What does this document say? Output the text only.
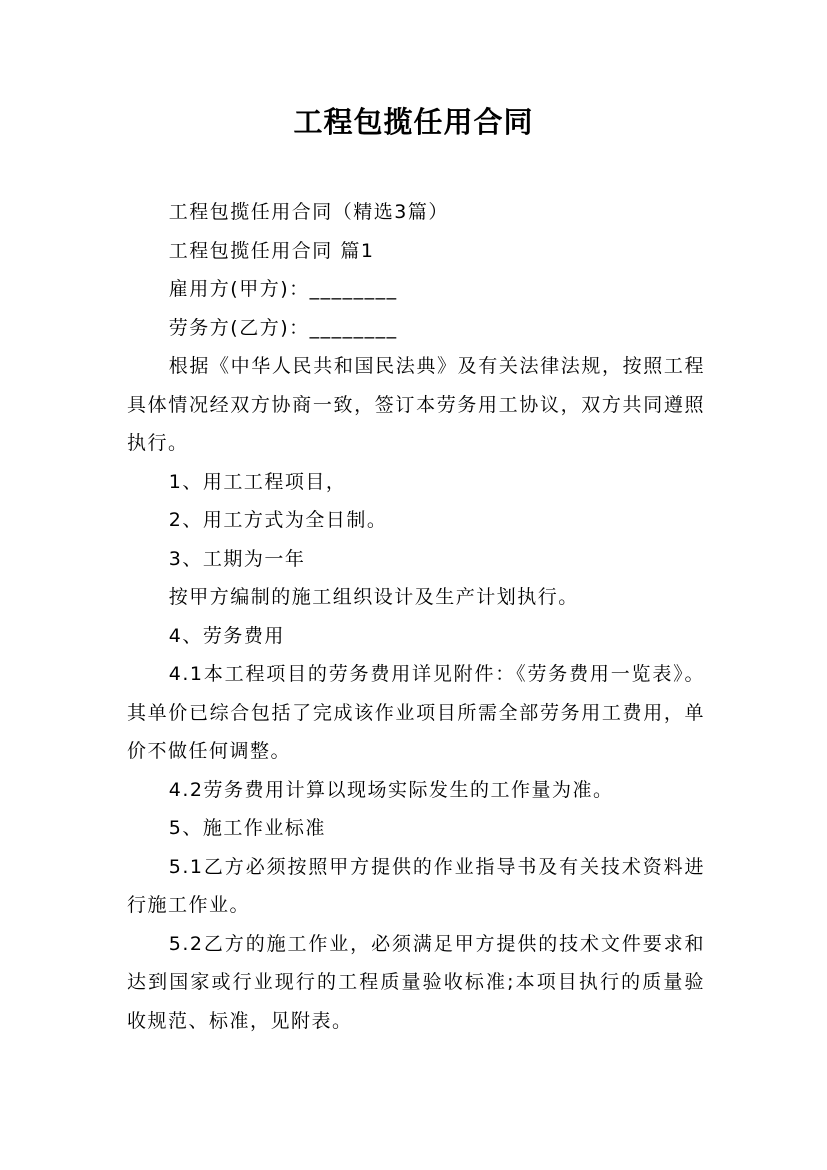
工程包揽任用合同

工程包揽任用合同（精选3篇）

工程包揽任用合同 篇1

雇用方(甲方)：________

劳务方(乙方)：________

根据《中华人民共和国民法典》及有关法律法规，按照工程具体情况经双方协商一致，签订本劳务用工协议，双方共同遵照执行。

1、用工工程项目，

2、用工方式为全日制。

3、工期为一年

按甲方编制的施工组织设计及生产计划执行。

4、劳务费用

4.1本工程项目的劳务费用详见附件：《劳务费用一览表》。其单价已综合包括了完成该作业项目所需全部劳务用工费用，单价不做任何调整。

4.2劳务费用计算以现场实际发生的工作量为准。

5、施工作业标准

5.1乙方必须按照甲方提供的作业指导书及有关技术资料进行施工作业。

5.2乙方的施工作业，必须满足甲方提供的技术文件要求和达到国家或行业现行的工程质量验收标准;本项目执行的质量验收规范、标准，见附表。
